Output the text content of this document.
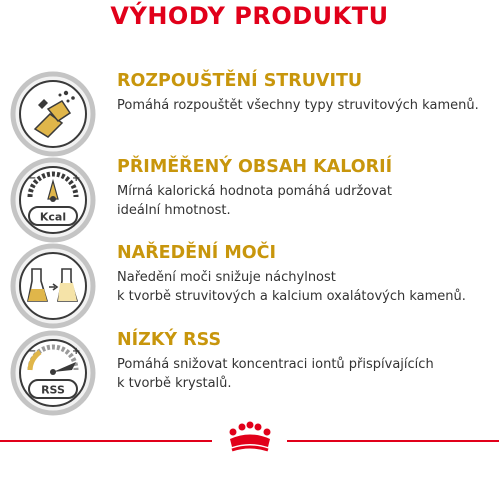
VÝHODY PRODUKTU
ROZPOUŠTĚNÍ STRUVITU
Pomáhá rozpouštět všechny typy struvitových kamenů.
−	+
Kcal
PŘIMĚŘENÝ OBSAH KALORIÍ
Mírná kalorická hodnota pomáhá udržovat
ideální hmotnost.
NAŘEDĚNÍ MOČI
Naředění moči snižuje náchylnost
k tvorbě struvitových a kalcium oxalátových kamenů.
−	+
RSS
NÍZKÝ RSS
Pomáhá snižovat koncentraci iontů přispívajících
k tvorbě krystalů.
